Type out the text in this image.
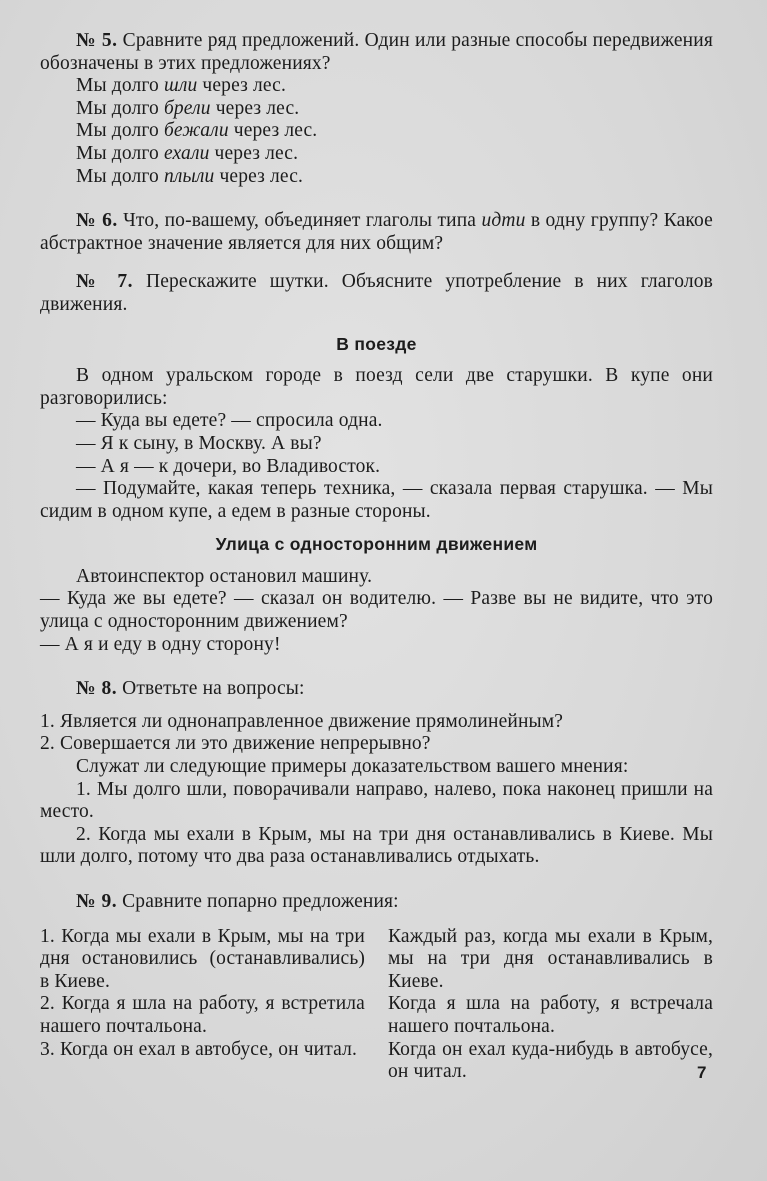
№ 5. Сравните ряд предложений. Один или разные способы передвижения обозначены в этих предложениях?

Мы долго шли через лес.

Мы долго брели через лес.

Мы долго бежали через лес.

Мы долго ехали через лес.

Мы долго плыли через лес.

№ 6. Что, по-вашему, объединяет глаголы типа идти в одну группу? Какое абстрактное значение является для них общим?

№ 7. Перескажите шутки. Объясните употребление в них глаголов движения.

В поезде

В одном уральском городе в поезд сели две старушки. В купе они разговорились:

— Куда вы едете? — спросила одна.

— Я к сыну, в Москву. А вы?

— А я — к дочери, во Владивосток.

— Подумайте, какая теперь техника, — сказала первая старушка. — Мы сидим в одном купе, а едем в разные стороны.

Улица с односторонним движением

Автоинспектор остановил машину.

— Куда же вы едете? — сказал он водителю. — Разве вы не видите, что это улица с односторонним движением?

— А я и еду в одну сторону!

№ 8. Ответьте на вопросы:

1. Является ли однонаправленное движение прямолинейным?

2. Совершается ли это движение непрерывно?

Служат ли следующие примеры доказательством вашего мнения:

1. Мы долго шли, поворачивали направо, налево, пока наконец пришли на место.

2. Когда мы ехали в Крым, мы на три дня останавливались в Киеве. Мы шли долго, потому что два раза останавливались отдыхать.

№ 9. Сравните попарно предложения:

1. Когда мы ехали в Крым, мы на три дня остановились (останавливались) в Киеве.

2. Когда я шла на работу, я встретила нашего почтальона.

3. Когда он ехал в автобусе, он читал.

Каждый раз, когда мы ехали в Крым, мы на три дня останавливались в Киеве.

Когда я шла на работу, я встречала нашего почтальона.

Когда он ехал куда-нибудь в автобусе, он читал.	7
